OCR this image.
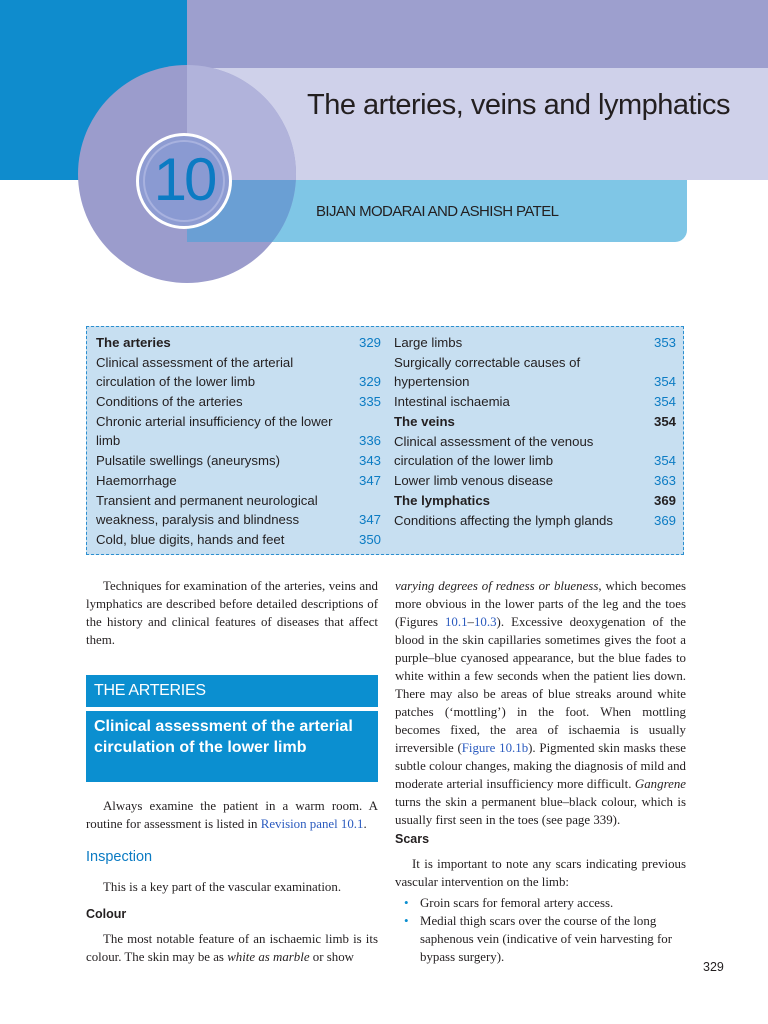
10
The arteries, veins and lymphatics
BIJAN MODARAI AND ASHISH PATEL
The arteries	329
Clinical assessment of the arterial circulation of the lower limb	329
Conditions of the arteries	335
Chronic arterial insufficiency of the lower limb	336
Pulsatile swellings (aneurysms)	343
Haemorrhage	347
Transient and permanent neurological weakness, paralysis and blindness	347
Cold, blue digits, hands and feet	350
Large limbs	353
Surgically correctable causes of hypertension	354
Intestinal ischaemia	354
The veins	354
Clinical assessment of the venous circulation of the lower limb	354
Lower limb venous disease	363
The lymphatics	369
Conditions affecting the lymph glands	369

Techniques for examination of the arteries, veins and lymphatics are described before detailed descriptions of the history and clinical features of diseases that affect them.

THE ARTERIES
Clinical assessment of the arterial circulation of the lower limb

Always examine the patient in a warm room. A routine for assessment is listed in Revision panel 10.1.

Inspection

This is a key part of the vascular examination.

Colour

The most notable feature of an ischaemic limb is its colour. The skin may be as white as marble or show

varying degrees of redness or blueness, which becomes more obvious in the lower parts of the leg and the toes (Figures 10.1–10.3). Excessive deoxygenation of the blood in the skin capillaries sometimes gives the foot a purple–blue cyanosed appearance, but the blue fades to white within a few seconds when the patient lies down. There may also be areas of blue streaks around white patches (‘mottling’) in the foot. When mottling becomes fixed, the area of ischaemia is usually irreversible (Figure 10.1b). Pigmented skin masks these subtle colour changes, making the diagnosis of mild and moderate arterial insufficiency more difficult. Gangrene turns the skin a permanent blue–black colour, which is usually first seen in the toes (see page 339).

Scars

It is important to note any scars indicating previous vascular intervention on the limb:

• Groin scars for femoral artery access.
• Medial thigh scars over the course of the long saphenous vein (indicative of vein harvesting for bypass surgery).
329
